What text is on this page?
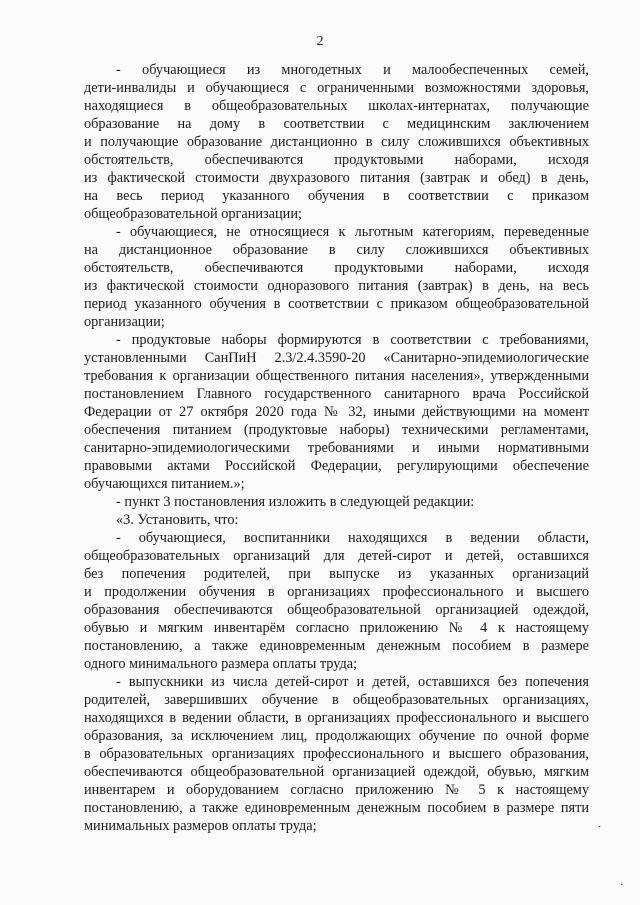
2
- обучающиеся из многодетных и малообеспеченных семей,
дети-инвалиды и обучающиеся с ограниченными возможностями здоровья,
находящиеся в общеобразовательных школах-интернатах, получающие
образование на дому в соответствии с медицинским заключением
и получающие образование дистанционно в силу сложившихся объективных
обстоятельств, обеспечиваются продуктовыми наборами, исходя
из фактической стоимости двухразового питания (завтрак и обед) в день,
на весь период указанного обучения в соответствии с приказом
общеобразовательной организации;
- обучающиеся, не относящиеся к льготным категориям, переведенные
на дистанционное образование в силу сложившихся объективных
обстоятельств, обеспечиваются продуктовыми наборами, исходя
из фактической стоимости одноразового питания (завтрак) в день, на весь
период указанного обучения в соответствии с приказом общеобразовательной
организации;
- продуктовые наборы формируются в соответствии с требованиями,
установленными СанПиН 2.3/2.4.3590-20 «Санитарно-эпидемиологические
требования к организации общественного питания населения», утвержденными
постановлением Главного государственного санитарного врача Российской
Федерации от 27 октября 2020 года № 32, иными действующими на момент
обеспечения питанием (продуктовые наборы) техническими регламентами,
санитарно-эпидемиологическими требованиями и иными нормативными
правовыми актами Российской Федерации, регулирующими обеспечение
обучающихся питанием.»;
- пункт 3 постановления изложить в следующей редакции:
«3. Установить, что:
- обучающиеся, воспитанники находящихся в ведении области,
общеобразовательных организаций для детей-сирот и детей, оставшихся
без попечения родителей, при выпуске из указанных организаций
и продолжении обучения в организациях профессионального и высшего
образования обеспечиваются общеобразовательной организацией одеждой,
обувью и мягким инвентарём согласно приложению № 4 к настоящему
постановлению, а также единовременным денежным пособием в размере
одного минимального размера оплаты труда;
- выпускники из числа детей-сирот и детей, оставшихся без попечения
родителей, завершивших обучение в общеобразовательных организациях,
находящихся в ведении области, в организациях профессионального и высшего
образования, за исключением лиц, продолжающих обучение по очной форме
в образовательных организациях профессионального и высшего образования,
обеспечиваются общеобразовательной организацией одеждой, обувью, мягким
инвентарем и оборудованием согласно приложению № 5 к настоящему
постановлению, а также единовременным денежным пособием в размере пяти
минимальных размеров оплаты труда;	·
·
